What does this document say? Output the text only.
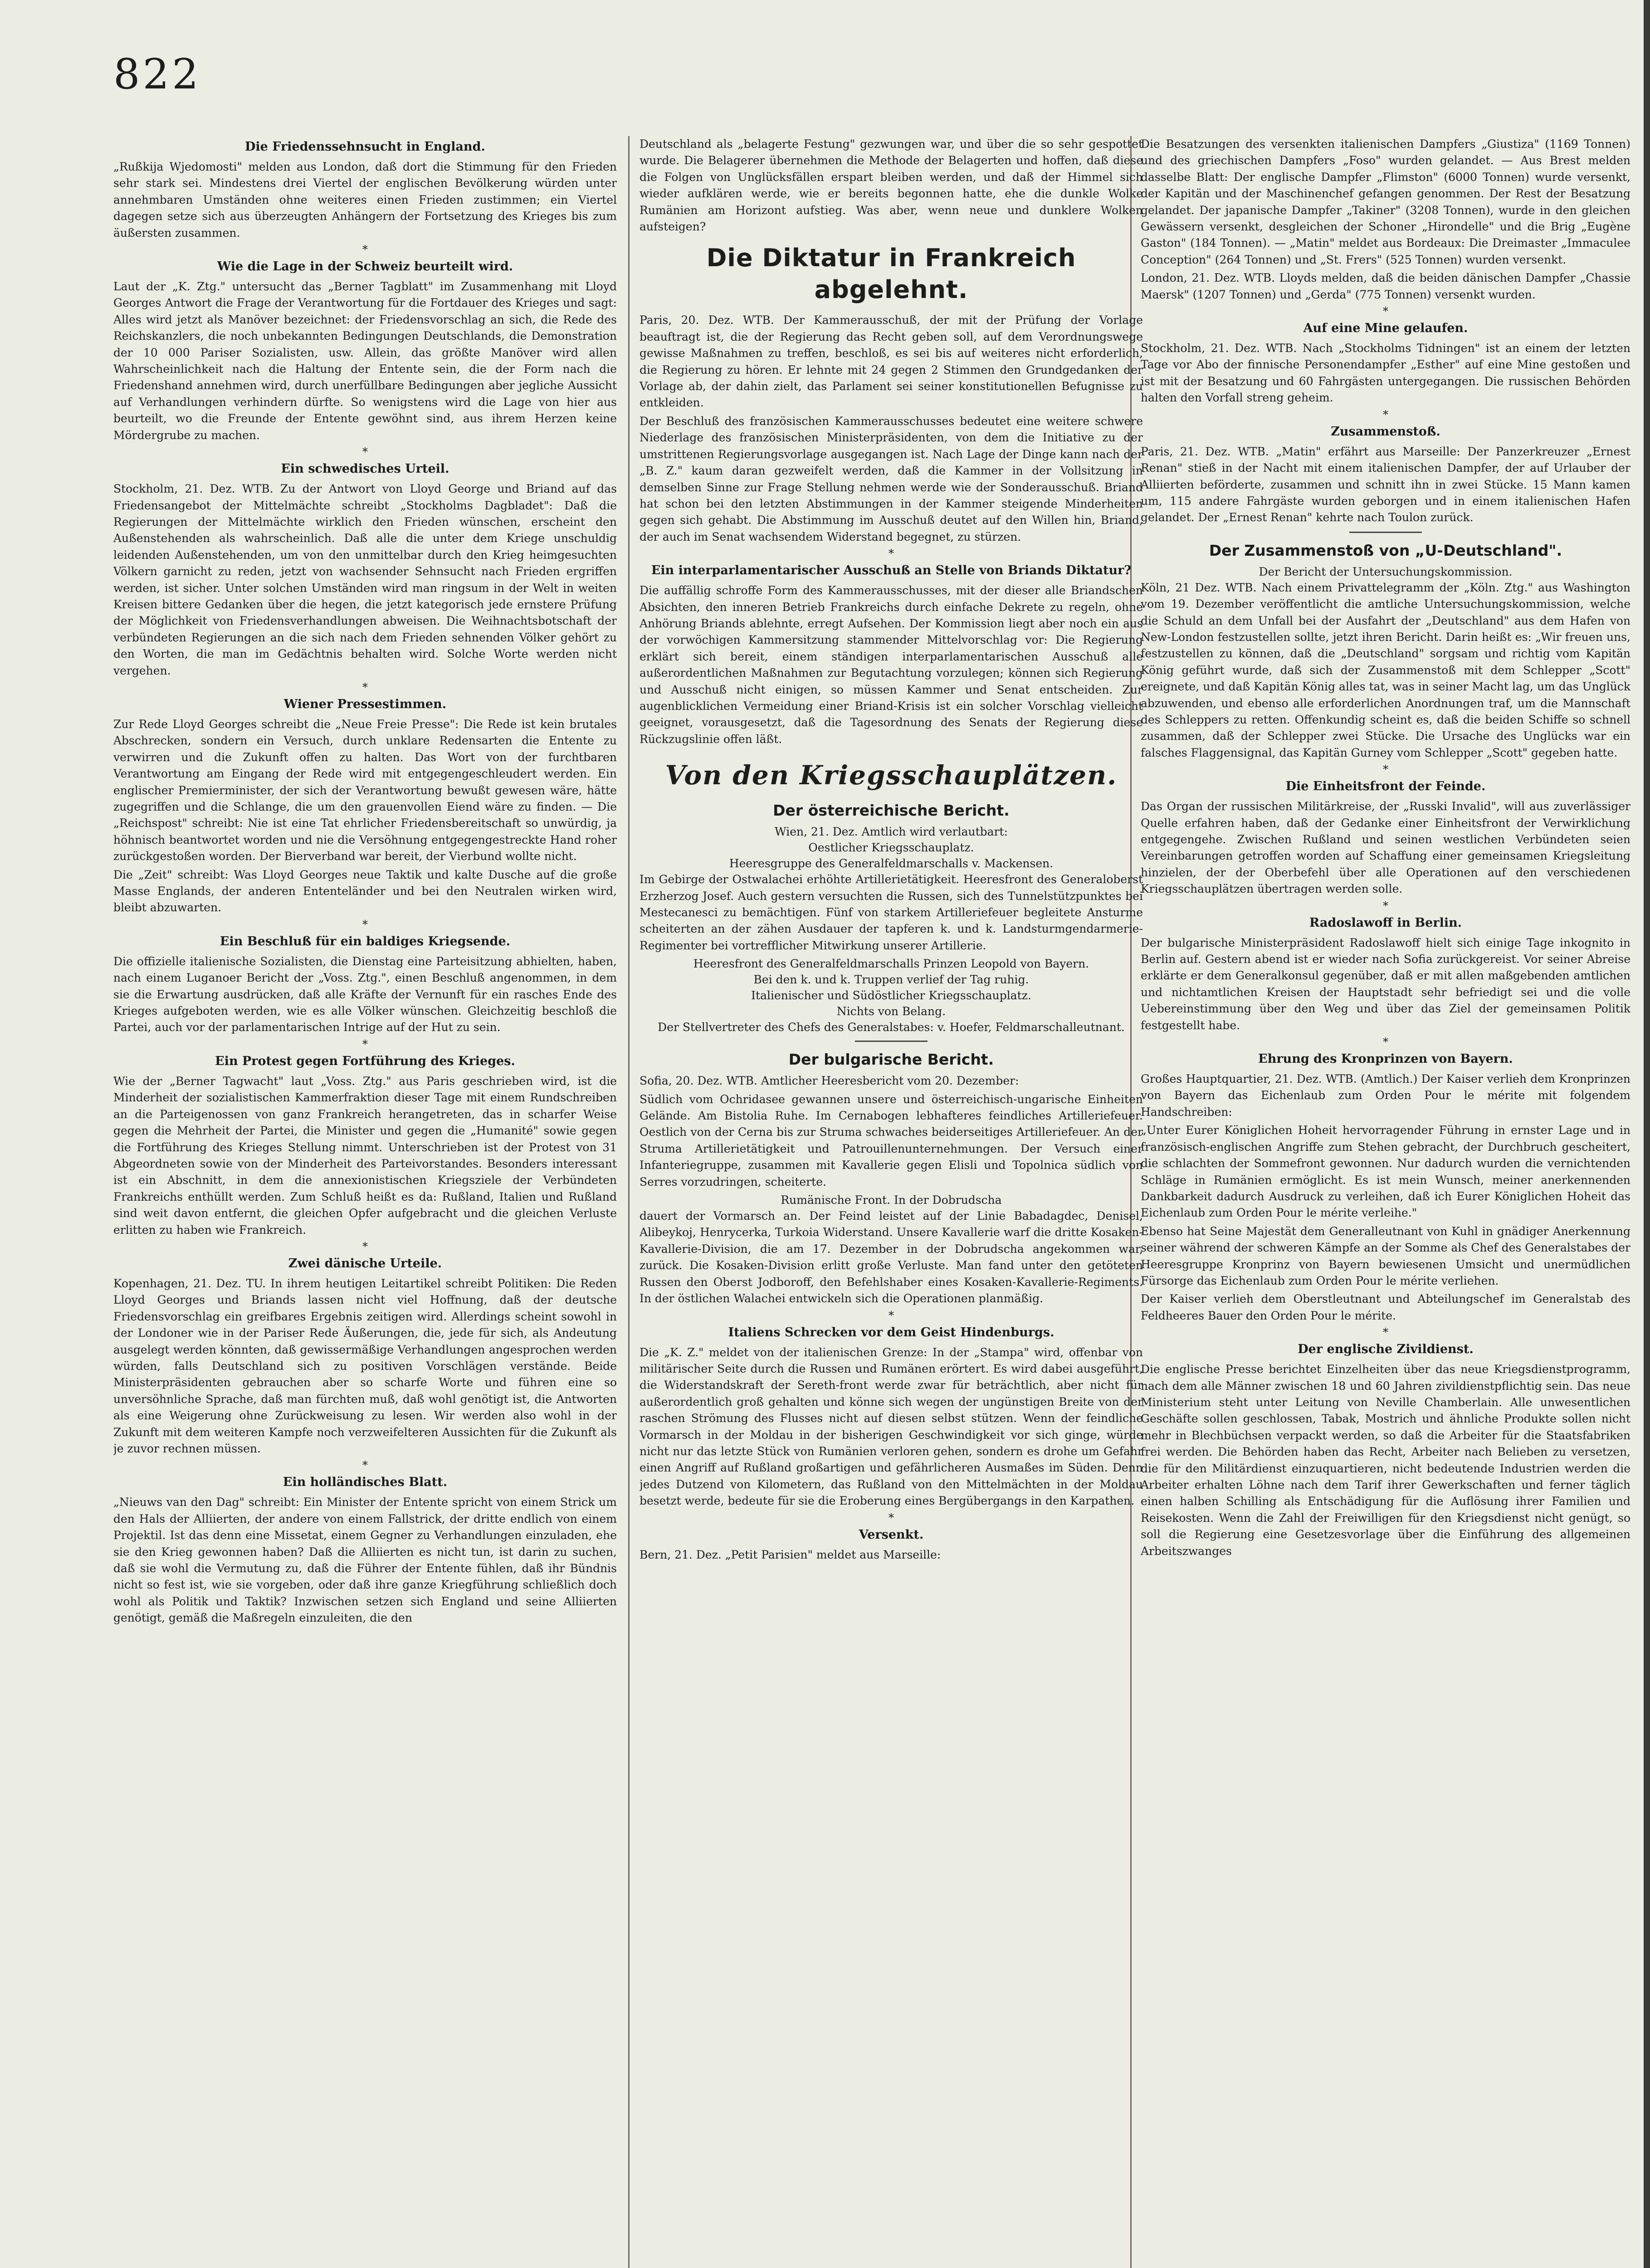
822
Die Friedenssehnsucht in England.
„Rußkija Wjedomosti" melden aus London, daß dort die Stimmung für den Frieden sehr stark sei. Mindestens drei Viertel der englischen Bevölkerung würden unter annehmbaren Umständen ohne weiteres einen Frieden zustimmen; ein Viertel dagegen setze sich aus überzeugten Anhängern der Fortsetzung des Krieges bis zum äußersten zusammen.
*
Wie die Lage in der Schweiz beurteilt wird.
Laut der „K. Ztg." untersucht das „Berner Tagblatt" im Zusammenhang mit Lloyd Georges Antwort die Frage der Verantwortung für die Fortdauer des Krieges und sagt: Alles wird jetzt als Manöver bezeichnet: der Friedensvorschlag an sich, die Rede des Reichskanzlers, die noch unbekannten Bedingungen Deutschlands, die Demonstration der 10 000 Pariser Sozialisten, usw. Allein, das größte Manöver wird allen Wahrscheinlichkeit nach die Haltung der Entente sein, die der Form nach die Friedenshand annehmen wird, durch unerfüllbare Bedingungen aber jegliche Aussicht auf Verhandlungen verhindern dürfte. So wenigstens wird die Lage von hier aus beurteilt, wo die Freunde der Entente gewöhnt sind, aus ihrem Herzen keine Mördergrube zu machen.
*
Ein schwedisches Urteil.
Stockholm, 21. Dez. WTB. Zu der Antwort von Lloyd George und Briand auf das Friedensangebot der Mittelmächte schreibt „Stockholms Dagbladet": Daß die Regierungen der Mittelmächte wirklich den Frieden wünschen, erscheint den Außenstehenden als wahrscheinlich. Daß alle die unter dem Kriege unschuldig leidenden Außenstehenden, um von den unmittelbar durch den Krieg heimgesuchten Völkern garnicht zu reden, jetzt von wachsender Sehnsucht nach Frieden ergriffen werden, ist sicher. Unter solchen Umständen wird man ringsum in der Welt in weiten Kreisen bittere Gedanken über die hegen, die jetzt kategorisch jede ernstere Prüfung der Möglichkeit von Friedensverhandlungen abweisen. Die Weihnachtsbotschaft der verbündeten Regierungen an die sich nach dem Frieden sehnenden Völker gehört zu den Worten, die man im Gedächtnis behalten wird. Solche Worte werden nicht vergehen.
*
Wiener Pressestimmen.
Zur Rede Lloyd Georges schreibt die „Neue Freie Presse": Die Rede ist kein brutales Abschrecken, sondern ein Versuch, durch unklare Redensarten die Entente zu verwirren und die Zukunft offen zu halten. Das Wort von der furchtbaren Verantwortung am Eingang der Rede wird mit entgegengeschleudert werden. Ein englischer Premierminister, der sich der Verantwortung bewußt gewesen wäre, hätte zugegriffen und die Schlange, die um den grauenvollen Eiend wäre zu finden. — Die „Reichspost" schreibt: Nie ist eine Tat ehrlicher Friedensbereitschaft so unwürdig, ja höhnisch beantwortet worden und nie die Versöhnung entgegengestreckte Hand roher zurückgestoßen worden. Der Bierverband war bereit, der Vierbund wollte nicht.
Die „Zeit" schreibt: Was Lloyd Georges neue Taktik und kalte Dusche auf die große Masse Englands, der anderen Ententeländer und bei den Neutralen wirken wird, bleibt abzuwarten.
*
Ein Beschluß für ein baldiges Kriegsende.
Die offizielle italienische Sozialisten, die Dienstag eine Parteisitzung abhielten, haben, nach einem Luganoer Bericht der „Voss. Ztg.", einen Beschluß angenommen, in dem sie die Erwartung ausdrücken, daß alle Kräfte der Vernunft für ein rasches Ende des Krieges aufgeboten werden, wie es alle Völker wünschen. Gleichzeitig beschloß die Partei, auch vor der parlamentarischen Intrige auf der Hut zu sein.
*
Ein Protest gegen Fortführung des Krieges.
Wie der „Berner Tagwacht" laut „Voss. Ztg." aus Paris geschrieben wird, ist die Minderheit der sozialistischen Kammerfraktion dieser Tage mit einem Rundschreiben an die Parteigenossen von ganz Frankreich herangetreten, das in scharfer Weise gegen die Mehrheit der Partei, die Minister und gegen die „Humanité" sowie gegen die Fortführung des Krieges Stellung nimmt. Unterschrieben ist der Protest von 31 Abgeordneten sowie von der Minderheit des Parteivorstandes. Besonders interessant ist ein Abschnitt, in dem die annexionistischen Kriegsziele der Verbündeten Frankreichs enthüllt werden. Zum Schluß heißt es da: Rußland, Italien und Rußland sind weit davon entfernt, die gleichen Opfer aufgebracht und die gleichen Verluste erlitten zu haben wie Frankreich.
*
Zwei dänische Urteile.
Kopenhagen, 21. Dez. TU. In ihrem heutigen Leitartikel schreibt Politiken: Die Reden Lloyd Georges und Briands lassen nicht viel Hoffnung, daß der deutsche Friedensvorschlag ein greifbares Ergebnis zeitigen wird. Allerdings scheint sowohl in der Londoner wie in der Pariser Rede Äußerungen, die, jede für sich, als Andeutung ausgelegt werden könnten, daß gewissermäßige Verhandlungen angesprochen werden würden, falls Deutschland sich zu positiven Vorschlägen verstände. Beide Ministerpräsidenten gebrauchen aber so scharfe Worte und führen eine so unversöhnliche Sprache, daß man fürchten muß, daß wohl genötigt ist, die Antworten als eine Weigerung ohne Zurückweisung zu lesen. Wir werden also wohl in der Zukunft mit dem weiteren Kampfe noch verzweifelteren Aussichten für die Zukunft als je zuvor rechnen müssen.
*
Ein holländisches Blatt.
„Nieuws van den Dag" schreibt: Ein Minister der Entente spricht von einem Strick um den Hals der Alliierten, der andere von einem Fallstrick, der dritte endlich von einem Projektil. Ist das denn eine Missetat, einem Gegner zu Verhandlungen einzuladen, ehe sie den Krieg gewonnen haben? Daß die Alliierten es nicht tun, ist darin zu suchen, daß sie wohl die Vermutung zu, daß die Führer der Entente fühlen, daß ihr Bündnis nicht so fest ist, wie sie vorgeben, oder daß ihre ganze Kriegführung schließlich doch wohl als Politik und Taktik? Inzwischen setzen sich England und seine Alliierten genötigt, gemäß die Maßregeln einzuleiten, die den
Deutschland als „belagerte Festung" gezwungen war, und über die so sehr gespottet wurde. Die Belagerer übernehmen die Methode der Belagerten und hoffen, daß diese die Folgen von Unglücksfällen erspart bleiben werden, und daß der Himmel sich wieder aufklären werde, wie er bereits begonnen hatte, ehe die dunkle Wolke Rumänien am Horizont aufstieg. Was aber, wenn neue und dunklere Wolken aufsteigen?
Die Diktatur in Frankreich abgelehnt.
Paris, 20. Dez. WTB. Der Kammerausschuß, der mit der Prüfung der Vorlage beauftragt ist, die der Regierung das Recht geben soll, auf dem Verordnungswege gewisse Maßnahmen zu treffen, beschloß, es sei bis auf weiteres nicht erforderlich, die Regierung zu hören. Er lehnte mit 24 gegen 2 Stimmen den Grundgedanken der Vorlage ab, der dahin zielt, das Parlament sei seiner konstitutionellen Befugnisse zu entkleiden.
Der Beschluß des französischen Kammerausschusses bedeutet eine weitere schwere Niederlage des französischen Ministerpräsidenten, von dem die Initiative zu der umstrittenen Regierungsvorlage ausgegangen ist. Nach Lage der Dinge kann nach der „B. Z." kaum daran gezweifelt werden, daß die Kammer in der Vollsitzung in demselben Sinne zur Frage Stellung nehmen werde wie der Sonderausschuß. Briand hat schon bei den letzten Abstimmungen in der Kammer steigende Minderheiten gegen sich gehabt. Die Abstimmung im Ausschuß deutet auf den Willen hin, Briand, der auch im Senat wachsendem Widerstand begegnet, zu stürzen.
*
Ein interparlamentarischer Ausschuß an Stelle von Briands Diktatur?
Die auffällig schroffe Form des Kammerausschusses, mit der dieser alle Briandschen Absichten, den inneren Betrieb Frankreichs durch einfache Dekrete zu regeln, ohne Anhörung Briands ablehnte, erregt Aufsehen. Der Kommission liegt aber noch ein aus der vorwöchigen Kammersitzung stammender Mittelvorschlag vor: Die Regierung erklärt sich bereit, einem ständigen interparlamentarischen Ausschuß alle außerordentlichen Maßnahmen zur Begutachtung vorzulegen; können sich Regierung und Ausschuß nicht einigen, so müssen Kammer und Senat entscheiden. Zur augenblicklichen Vermeidung einer Briand-Krisis ist ein solcher Vorschlag vielleicht geeignet, vorausgesetzt, daß die Tagesordnung des Senats der Regierung diese Rückzugslinie offen läßt.
Von den Kriegsschauplätzen.
Der österreichische Bericht.
Wien, 21. Dez. Amtlich wird verlautbart:
Oestlicher Kriegsschauplatz.
Heeresgruppe des Generalfeldmarschalls v. Mackensen.
Im Gebirge der Ostwalachei erhöhte Artillerietätigkeit. Heeresfront des Generaloberst Erzherzog Josef. Auch gestern versuchten die Russen, sich des Tunnelstützpunktes bei Mestecanesci zu bemächtigen. Fünf von starkem Artilleriefeuer begleitete Ansturme scheiterten an der zähen Ausdauer der tapferen k. und k. Landsturmgendarmerie-Regimenter bei vortrefflicher Mitwirkung unserer Artillerie.
Heeresfront des Generalfeldmarschalls Prinzen Leopold von Bayern.
Bei den k. und k. Truppen verlief der Tag ruhig.
Italienischer und Südöstlicher Kriegsschauplatz.
Nichts von Belang.
Der Stellvertreter des Chefs des Generalstabes: v. Hoefer, Feldmarschalleutnant.
Der bulgarische Bericht.
Sofia, 20. Dez. WTB. Amtlicher Heeresbericht vom 20. Dezember:
Südlich vom Ochridasee gewannen unsere und österreichisch-ungarische Einheiten Gelände. Am Bistolia Ruhe. Im Cernabogen lebhafteres feindliches Artilleriefeuer. Oestlich von der Cerna bis zur Struma schwaches beiderseitiges Artilleriefeuer. An der Struma Artillerietätigkeit und Patrouillenunternehmungen. Der Versuch einer Infanteriegruppe, zusammen mit Kavallerie gegen Elisli und Topolnica südlich von Serres vorzudringen, scheiterte.
Rumänische Front. In der Dobrudscha
dauert der Vormarsch an. Der Feind leistet auf der Linie Babadagdec, Denisel, Alibeykoj, Henrycerka, Turkoia Widerstand. Unsere Kavallerie warf die dritte Kosaken-Kavallerie-Division, die am 17. Dezember in der Dobrudscha angekommen war, zurück. Die Kosaken-Division erlitt große Verluste. Man fand unter den getöteten Russen den Oberst Jodboroff, den Befehlshaber eines Kosaken-Kavallerie-Regiments. In der östlichen Walachei entwickeln sich die Operationen planmäßig.
*
Italiens Schrecken vor dem Geist Hindenburgs.
Die „K. Z." meldet von der italienischen Grenze: In der „Stampa" wird, offenbar von militärischer Seite durch die Russen und Rumänen erörtert. Es wird dabei ausgeführt, die Widerstandskraft der Sereth-front werde zwar für beträchtlich, aber nicht für außerordentlich groß gehalten und könne sich wegen der ungünstigen Breite von der raschen Strömung des Flusses nicht auf diesen selbst stützen. Wenn der feindliche Vormarsch in der Moldau in der bisherigen Geschwindigkeit vor sich ginge, würde nicht nur das letzte Stück von Rumänien verloren gehen, sondern es drohe um Gefahr einen Angriff auf Rußland großartigen und gefährlicheren Ausmaßes im Süden. Denn jedes Dutzend von Kilometern, das Rußland von den Mittelmächten in der Moldau besetzt werde, bedeute für sie die Eroberung eines Bergübergangs in den Karpathen.
*
Versenkt.
Bern, 21. Dez. „Petit Parisien" meldet aus Marseille:
Die Besatzungen des versenkten italienischen Dampfers „Giustiza" (1169 Tonnen) und des griechischen Dampfers „Foso" wurden gelandet. — Aus Brest melden dasselbe Blatt: Der englische Dampfer „Flimston" (6000 Tonnen) wurde versenkt, der Kapitän und der Maschinenchef gefangen genommen. Der Rest der Besatzung gelandet. Der japanische Dampfer „Takiner" (3208 Tonnen), wurde in den gleichen Gewässern versenkt, desgleichen der Schoner „Hirondelle" und die Brig „Eugène Gaston" (184 Tonnen). — „Matin" meldet aus Bordeaux: Die Dreimaster „Immaculee Conception" (264 Tonnen) und „St. Frers" (525 Tonnen) wurden versenkt.
London, 21. Dez. WTB. Lloyds melden, daß die beiden dänischen Dampfer „Chassie Maersk" (1207 Tonnen) und „Gerda" (775 Tonnen) versenkt wurden.
*
Auf eine Mine gelaufen.
Stockholm, 21. Dez. WTB. Nach „Stockholms Tidningen" ist an einem der letzten Tage vor Abo der finnische Personendampfer „Esther" auf eine Mine gestoßen und ist mit der Besatzung und 60 Fahrgästen untergegangen. Die russischen Behörden halten den Vorfall streng geheim.
*
Zusammenstoß.
Paris, 21. Dez. WTB. „Matin" erfährt aus Marseille: Der Panzerkreuzer „Ernest Renan" stieß in der Nacht mit einem italienischen Dampfer, der auf Urlauber der Alliierten beförderte, zusammen und schnitt ihn in zwei Stücke. 15 Mann kamen um, 115 andere Fahrgäste wurden geborgen und in einem italienischen Hafen gelandet. Der „Ernest Renan" kehrte nach Toulon zurück.
Der Zusammenstoß von „U-Deutschland".
Der Bericht der Untersuchungskommission.
Köln, 21 Dez. WTB. Nach einem Privattelegramm der „Köln. Ztg." aus Washington vom 19. Dezember veröffentlicht die amtliche Untersuchungskommission, welche die Schuld an dem Unfall bei der Ausfahrt der „Deutschland" aus dem Hafen von New-London festzustellen sollte, jetzt ihren Bericht. Darin heißt es: „Wir freuen uns, festzustellen zu können, daß die „Deutschland" sorgsam und richtig vom Kapitän König geführt wurde, daß sich der Zusammenstoß mit dem Schlepper „Scott" ereignete, und daß Kapitän König alles tat, was in seiner Macht lag, um das Unglück abzuwenden, und ebenso alle erforderlichen Anordnungen traf, um die Mannschaft des Schleppers zu retten. Offenkundig scheint es, daß die beiden Schiffe so schnell zusammen, daß der Schlepper zwei Stücke. Die Ursache des Unglücks war ein falsches Flaggensignal, das Kapitän Gurney vom Schlepper „Scott" gegeben hatte.
*
Die Einheitsfront der Feinde.
Das Organ der russischen Militärkreise, der „Russki Invalid", will aus zuverlässiger Quelle erfahren haben, daß der Gedanke einer Einheitsfront der Verwirklichung entgegengehe. Zwischen Rußland und seinen westlichen Verbündeten seien Vereinbarungen getroffen worden auf Schaffung einer gemeinsamen Kriegsleitung hinzielen, der der Oberbefehl über alle Operationen auf den verschiedenen Kriegsschauplätzen übertragen werden solle.
*
Radoslawoff in Berlin.
Der bulgarische Ministerpräsident Radoslawoff hielt sich einige Tage inkognito in Berlin auf. Gestern abend ist er wieder nach Sofia zurückgereist. Vor seiner Abreise erklärte er dem Generalkonsul gegenüber, daß er mit allen maßgebenden amtlichen und nichtamtlichen Kreisen der Hauptstadt sehr befriedigt sei und die volle Uebereinstimmung über den Weg und über das Ziel der gemeinsamen Politik festgestellt habe.
*
Ehrung des Kronprinzen von Bayern.
Großes Hauptquartier, 21. Dez. WTB. (Amtlich.) Der Kaiser verlieh dem Kronprinzen von Bayern das Eichenlaub zum Orden Pour le mérite mit folgendem Handschreiben:
„Unter Eurer Königlichen Hoheit hervorragender Führung in ernster Lage und in französisch-englischen Angriffe zum Stehen gebracht, der Durchbruch gescheitert, die schlachten der Sommefront gewonnen. Nur dadurch wurden die vernichtenden Schläge in Rumänien ermöglicht. Es ist mein Wunsch, meiner anerkennenden Dankbarkeit dadurch Ausdruck zu verleihen, daß ich Eurer Königlichen Hoheit das Eichenlaub zum Orden Pour le mérite verleihe."
Ebenso hat Seine Majestät dem Generalleutnant von Kuhl in gnädiger Anerkennung seiner während der schweren Kämpfe an der Somme als Chef des Generalstabes der Heeresgruppe Kronprinz von Bayern bewiesenen Umsicht und unermüdlichen Fürsorge das Eichenlaub zum Orden Pour le mérite verliehen.
Der Kaiser verlieh dem Oberstleutnant und Abteilungschef im Generalstab des Feldheeres Bauer den Orden Pour le mérite.
*
Der englische Zivildienst.
Die englische Presse berichtet Einzelheiten über das neue Kriegsdienstprogramm, nach dem alle Männer zwischen 18 und 60 Jahren zivildienstpflichtig sein. Das neue Ministerium steht unter Leitung von Neville Chamberlain. Alle unwesentlichen Geschäfte sollen geschlossen, Tabak, Mostrich und ähnliche Produkte sollen nicht mehr in Blechbüchsen verpackt werden, so daß die Arbeiter für die Staatsfabriken frei werden. Die Behörden haben das Recht, Arbeiter nach Belieben zu versetzen, die für den Militärdienst einzuquartieren, nicht bedeutende Industrien werden die Arbeiter erhalten Löhne nach dem Tarif ihrer Gewerkschaften und ferner täglich einen halben Schilling als Entschädigung für die Auflösung ihrer Familien und Reisekosten. Wenn die Zahl der Freiwilligen für den Kriegsdienst nicht genügt, so soll die Regierung eine Gesetzesvorlage über die Einführung des allgemeinen Arbeitszwanges
